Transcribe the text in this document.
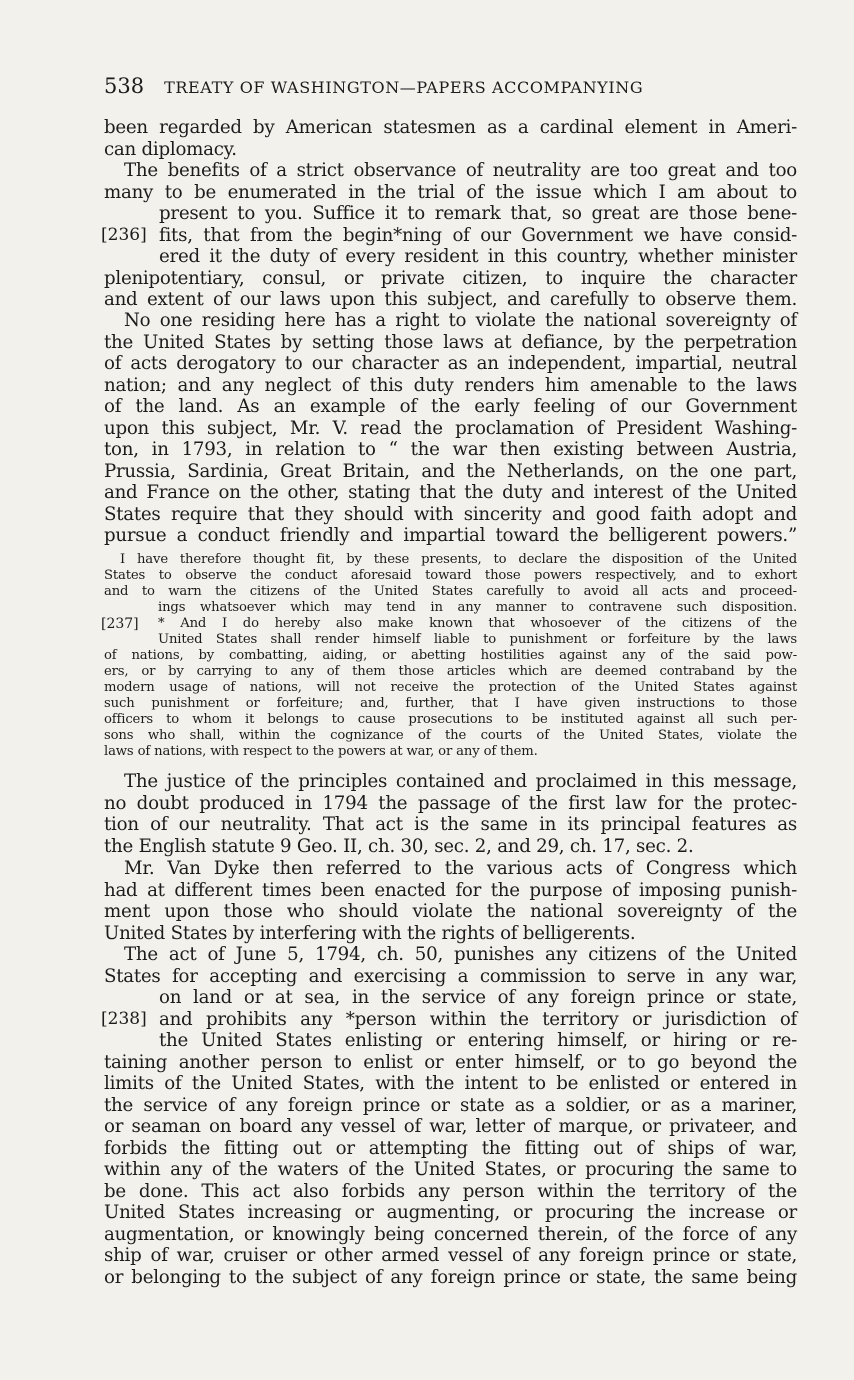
538 TREATY OF WASHINGTON—PAPERS ACCOMPANYING
been regarded by American statesmen as a cardinal element in Ameri-
can diplomacy.
The benefits of a strict observance of neutrality are too great and too
many to be enumerated in the trial of the issue which I am about to
present to you. Suffice it to remark that, so great are those bene-
[236] fits, that from the begin*ning of our Government we have consid-
ered it the duty of every resident in this country, whether minister
plenipotentiary, consul, or private citizen, to inquire the character
and extent of our laws upon this subject, and carefully to observe them.
No one residing here has a right to violate the national sovereignty of
the United States by setting those laws at defiance, by the perpetration
of acts derogatory to our character as an independent, impartial, neutral
nation; and any neglect of this duty renders him amenable to the laws
of the land. As an example of the early feeling of our Government
upon this subject, Mr. V. read the proclamation of President Washing-
ton, in 1793, in relation to “ the war then existing between Austria,
Prussia, Sardinia, Great Britain, and the Netherlands, on the one part,
and France on the other, stating that the duty and interest of the United
States require that they should with sincerity and good faith adopt and
pursue a conduct friendly and impartial toward the belligerent powers.”
I have therefore thought fit, by these presents, to declare the disposition of the United
States to observe the conduct aforesaid toward those powers respectively, and to exhort
and to warn the citizens of the United States carefully to avoid all acts and proceed-
ings whatsoever which may tend in any manner to contravene such disposition.
[237]	* And I do hereby also make known that whosoever of the citizens of the
United States shall render himself liable to punishment or forfeiture by the laws
of nations, by combatting, aiding, or abetting hostilities against any of the said pow-
ers, or by carrying to any of them those articles which are deemed contraband by the
modern usage of nations, will not receive the protection of the United States against
such punishment or forfeiture; and, further, that I have given instructions to those
officers to whom it belongs to cause prosecutions to be instituted against all such per-
sons who shall, within the cognizance of the courts of the United States, violate the
laws of nations, with respect to the powers at war, or any of them.
The justice of the principles contained and proclaimed in this message,
no doubt produced in 1794 the passage of the first law for the protec-
tion of our neutrality. That act is the same in its principal features as
the English statute 9 Geo. II, ch. 30, sec. 2, and 29, ch. 17, sec. 2.
Mr. Van Dyke then referred to the various acts of Congress which
had at different times been enacted for the purpose of imposing punish-
ment upon those who should violate the national sovereignty of the
United States by interfering with the rights of belligerents.
The act of June 5, 1794, ch. 50, punishes any citizens of the United
States for accepting and exercising a commission to serve in any war,
on land or at sea, in the service of any foreign prince or state,
[238] and prohibits any *person within the territory or jurisdiction of
the United States enlisting or entering himself, or hiring or re-
taining another person to enlist or enter himself, or to go beyond the
limits of the United States, with the intent to be enlisted or entered in
the service of any foreign prince or state as a soldier, or as a mariner,
or seaman on board any vessel of war, letter of marque, or privateer, and
forbids the fitting out or attempting the fitting out of ships of war,
within any of the waters of the United States, or procuring the same to
be done. This act also forbids any person within the territory of the
United States increasing or augmenting, or procuring the increase or
augmentation, or knowingly being concerned therein, of the force of any
ship of war, cruiser or other armed vessel of any foreign prince or state,
or belonging to the subject of any foreign prince or state, the same being
